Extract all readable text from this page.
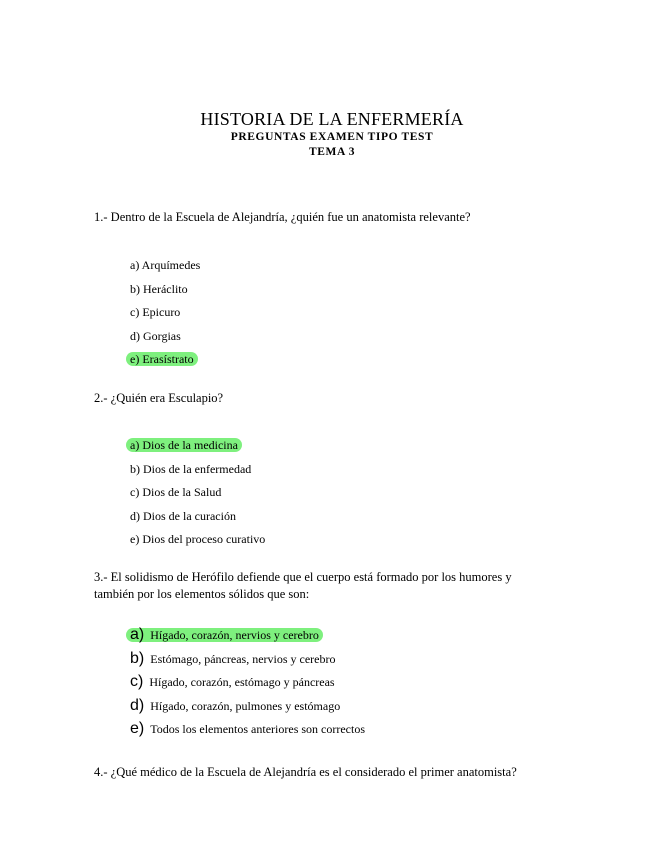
HISTORIA DE LA ENFERMERÍA
PREGUNTAS EXAMEN TIPO TEST
TEMA 3
1.- Dentro de la Escuela de Alejandría, ¿quién fue un anatomista relevante?
a) Arquímedes
b) Heráclito
c) Epicuro
d) Gorgias
e) Erasístrato
2.- ¿Quién era Esculapio?
a) Dios de la medicina
b) Dios de la enfermedad
c) Dios de la Salud
d) Dios de la curación
e) Dios del proceso curativo
3.- El solidismo de Herófilo defiende que el cuerpo está formado por los humores y también por los elementos sólidos que son:
a) Hígado, corazón, nervios y cerebro
b) Estómago, páncreas, nervios y cerebro
c) Hígado, corazón, estómago y páncreas
d) Hígado, corazón, pulmones y estómago
e) Todos los elementos anteriores son correctos
4.- ¿Qué médico de la Escuela de Alejandría es el considerado el primer anatomista?
